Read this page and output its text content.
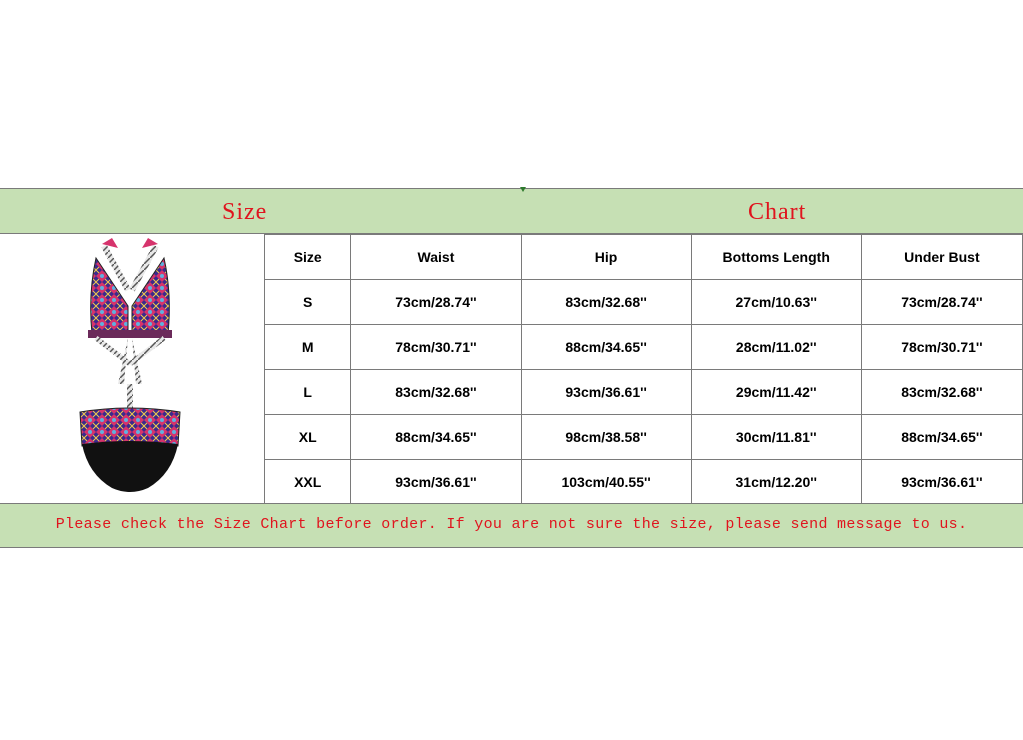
Size	Chart
Size	Waist	Hip	Bottoms Length	Under Bust
S	73cm/28.74''	83cm/32.68''	27cm/10.63''	73cm/28.74''
M	78cm/30.71''	88cm/34.65''	28cm/11.02''	78cm/30.71''
L	83cm/32.68''	93cm/36.61''	29cm/11.42''	83cm/32.68''
XL	88cm/34.65''	98cm/38.58''	30cm/11.81''	88cm/34.65''
XXL	93cm/36.61''	103cm/40.55''	31cm/12.20''	93cm/36.61''
Please check the Size Chart before order. If you are not sure the size, please send message to us.
